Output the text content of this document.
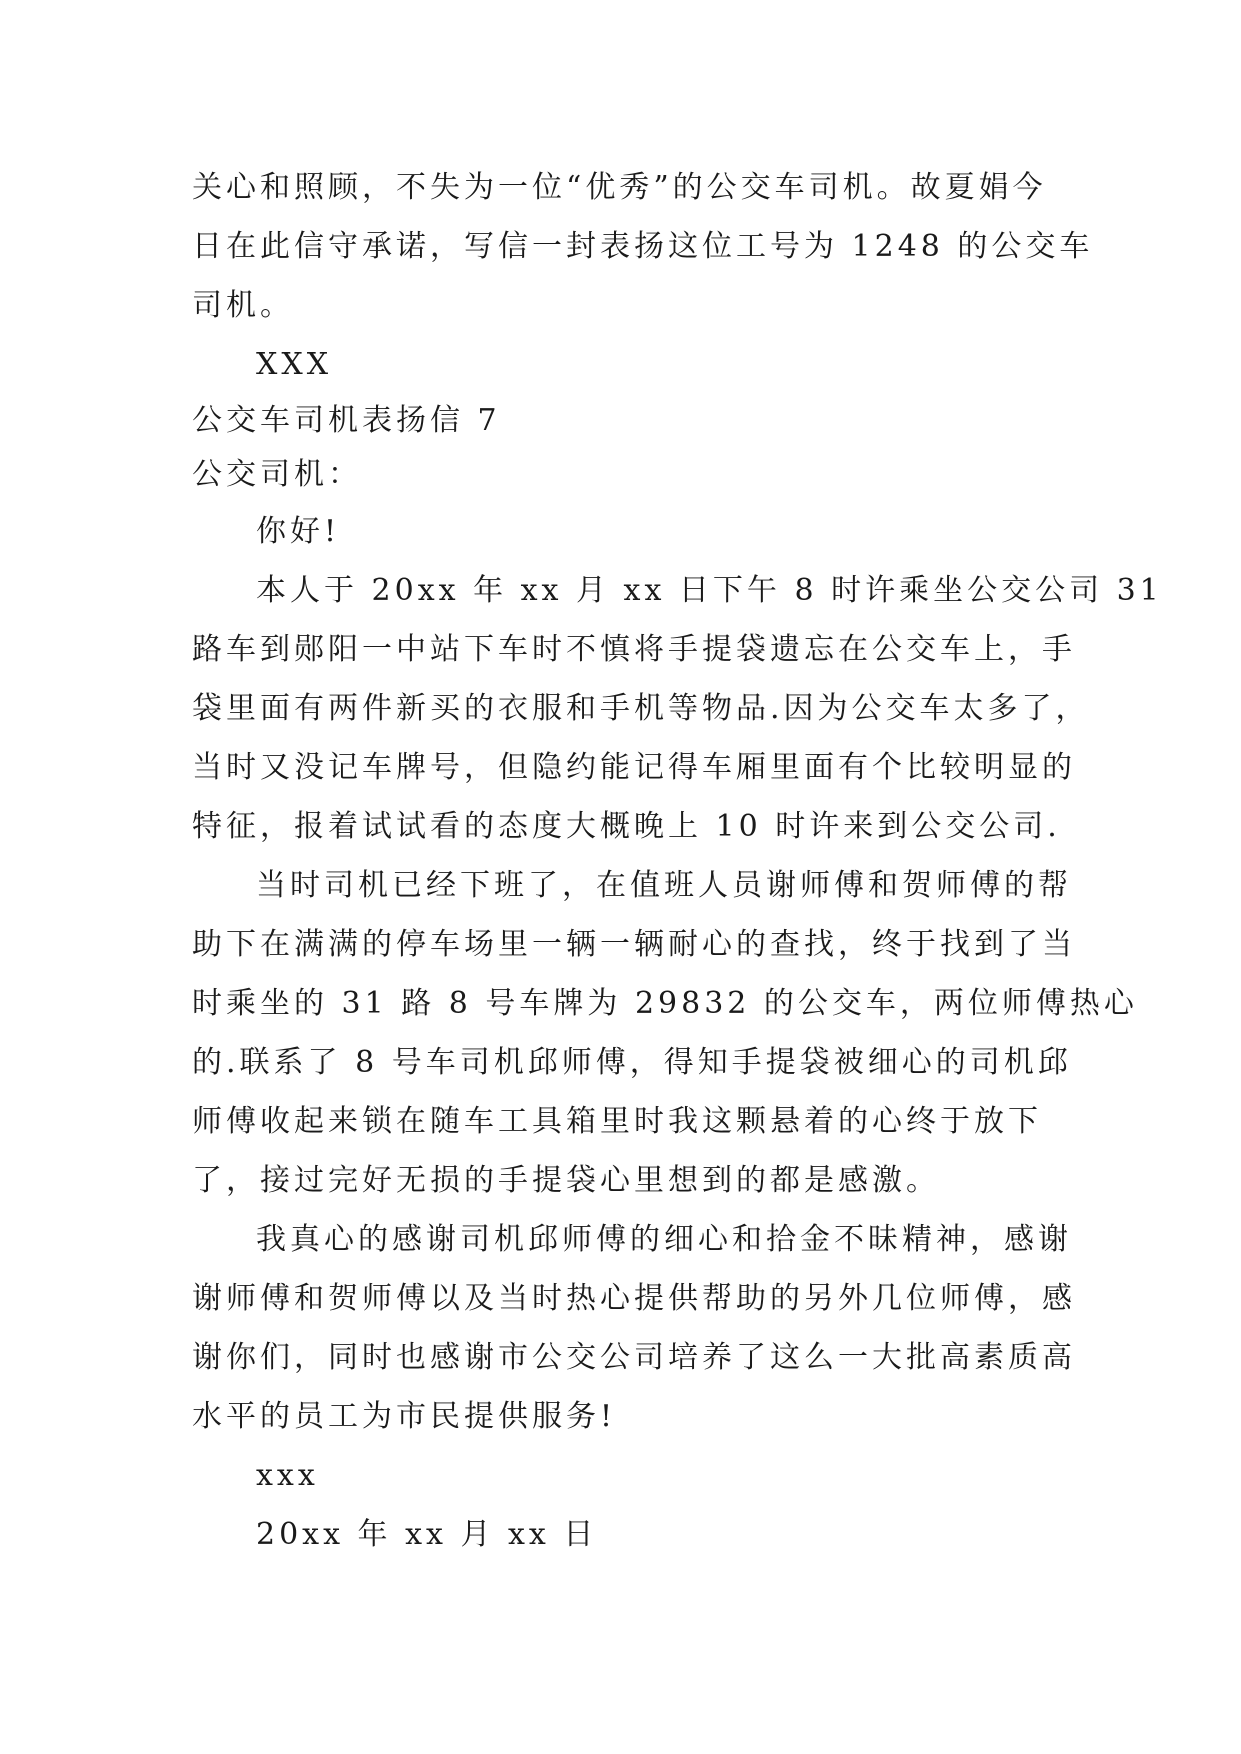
关心和照顾，不失为一位“优秀”的公交车司机。故夏娟今

日在此信守承诺，写信一封表扬这位工号为 1248 的公交车

司机。

XXX

公交车司机表扬信 7

公交司机：

你好!

本人于 20xx 年 xx 月 xx 日下午 8 时许乘坐公交公司 31

路车到郧阳一中站下车时不慎将手提袋遗忘在公交车上，手

袋里面有两件新买的衣服和手机等物品.因为公交车太多了，

当时又没记车牌号，但隐约能记得车厢里面有个比较明显的

特征，报着试试看的态度大概晚上 10 时许来到公交公司.

当时司机已经下班了，在值班人员谢师傅和贺师傅的帮

助下在满满的停车场里一辆一辆耐心的查找，终于找到了当

时乘坐的 31 路 8 号车牌为 29832 的公交车，两位师傅热心

的.联系了 8 号车司机邱师傅，得知手提袋被细心的司机邱

师傅收起来锁在随车工具箱里时我这颗悬着的心终于放下

了，接过完好无损的手提袋心里想到的都是感激。

我真心的感谢司机邱师傅的细心和拾金不昧精神，感谢

谢师傅和贺师傅以及当时热心提供帮助的另外几位师傅，感

谢你们，同时也感谢市公交公司培养了这么一大批高素质高

水平的员工为市民提供服务!

xxx

20xx 年 xx 月 xx 日
